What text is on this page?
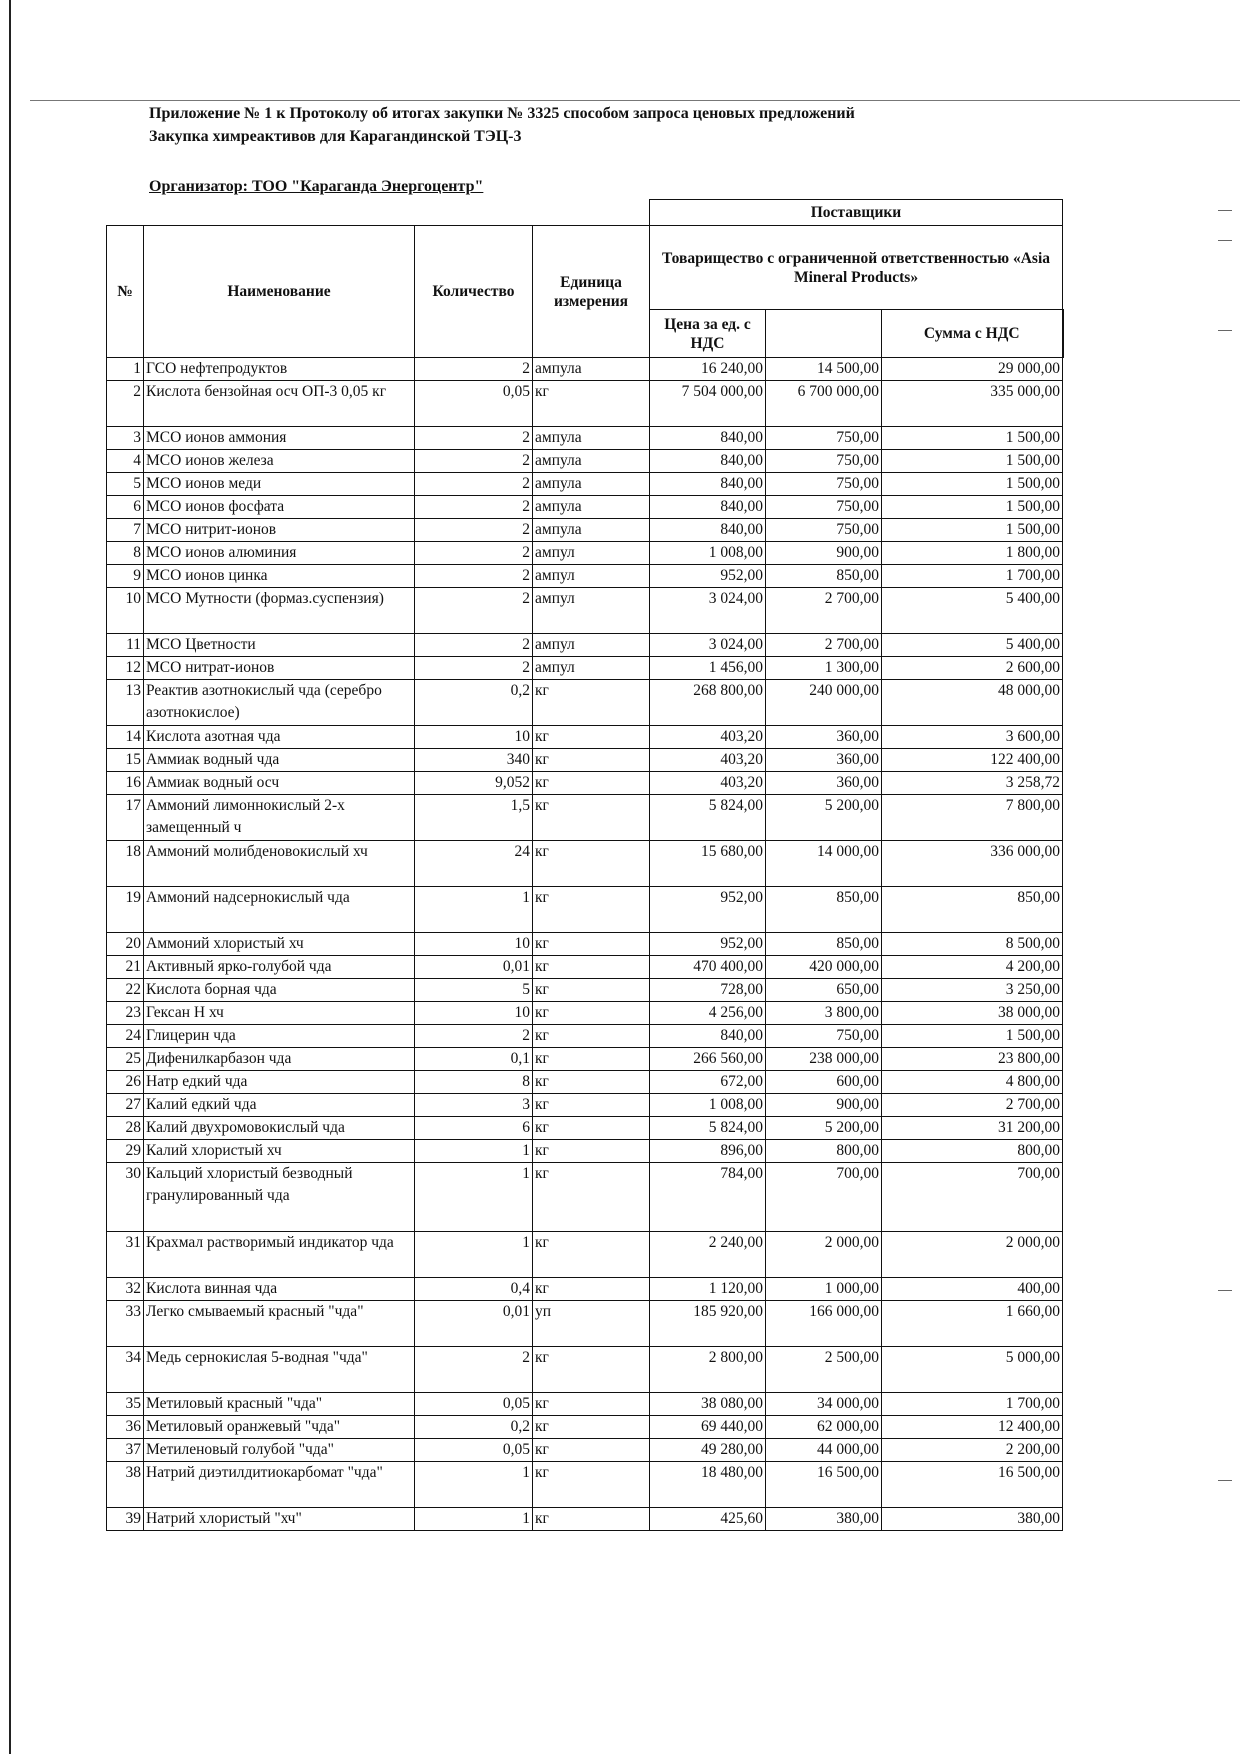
Приложение № 1 к Протоколу об итогах закупки № 3325 способом запроса ценовых предложений
Закупка химреактивов для Карагандинской ТЭЦ-3
Организатор: ТОО "Караганда Энергоцентр"
				Поставщики		
№	Наименование	Количество	Единица измерения	Товарищество с ограниченной ответственностью «Asia Mineral Products»		
				Цена за ед. с НДС		Сумма с НДС
1	ГСО нефтепродуктов	2	ампула	16 240,00	14 500,00	29 000,00
2	Кислота бензойная осч ОП-3 0,05 кг	0,05	кг	7 504 000,00	6 700 000,00	335 000,00
3	МСО ионов аммония	2	ампула	840,00	750,00	1 500,00
4	МСО ионов железа	2	ампула	840,00	750,00	1 500,00
5	МСО ионов меди	2	ампула	840,00	750,00	1 500,00
6	МСО ионов фосфата	2	ампула	840,00	750,00	1 500,00
7	МСО нитрит-ионов	2	ампула	840,00	750,00	1 500,00
8	МСО ионов алюминия	2	ампул	1 008,00	900,00	1 800,00
9	МСО ионов цинка	2	ампул	952,00	850,00	1 700,00
10	МСО Мутности (формаз.суспензия)	2	ампул	3 024,00	2 700,00	5 400,00
11	МСО Цветности	2	ампул	3 024,00	2 700,00	5 400,00
12	МСО нитрат-ионов	2	ампул	1 456,00	1 300,00	2 600,00
13	Реактив азотнокислый чда (серебро азотнокислое)	0,2	кг	268 800,00	240 000,00	48 000,00
14	Кислота азотная чда	10	кг	403,20	360,00	3 600,00
15	Аммиак водный чда	340	кг	403,20	360,00	122 400,00
16	Аммиак водный осч	9,052	кг	403,20	360,00	3 258,72
17	Аммоний лимоннокислый 2-х замещенный ч	1,5	кг	5 824,00	5 200,00	7 800,00
18	Аммоний молибденовокислый хч	24	кг	15 680,00	14 000,00	336 000,00
19	Аммоний надсернокислый чда	1	кг	952,00	850,00	850,00
20	Аммоний хлористый хч	10	кг	952,00	850,00	8 500,00
21	Активный ярко-голубой чда	0,01	кг	470 400,00	420 000,00	4 200,00
22	Кислота борная чда	5	кг	728,00	650,00	3 250,00
23	Гексан Н хч	10	кг	4 256,00	3 800,00	38 000,00
24	Глицерин чда	2	кг	840,00	750,00	1 500,00
25	Дифенилкарбазон чда	0,1	кг	266 560,00	238 000,00	23 800,00
26	Натр едкий чда	8	кг	672,00	600,00	4 800,00
27	Калий едкий чда	3	кг	1 008,00	900,00	2 700,00
28	Калий двухромовокислый чда	6	кг	5 824,00	5 200,00	31 200,00
29	Калий хлористый хч	1	кг	896,00	800,00	800,00
30	Кальций хлористый безводный гранулированный чда	1	кг	784,00	700,00	700,00
31	Крахмал растворимый индикатор чда	1	кг	2 240,00	2 000,00	2 000,00
32	Кислота винная чда	0,4	кг	1 120,00	1 000,00	400,00
33	Легко смываемый красный "чда"	0,01	уп	185 920,00	166 000,00	1 660,00
34	Медь сернокислая 5-водная "чда"	2	кг	2 800,00	2 500,00	5 000,00
35	Метиловый красный "чда"	0,05	кг	38 080,00	34 000,00	1 700,00
36	Метиловый оранжевый "чда"	0,2	кг	69 440,00	62 000,00	12 400,00
37	Метиленовый голубой "чда"	0,05	кг	49 280,00	44 000,00	2 200,00
38	Натрий диэтилдитиокарбомат "чда"	1	кг	18 480,00	16 500,00	16 500,00
39	Натрий хлористый "хч"	1	кг	425,60	380,00	380,00
